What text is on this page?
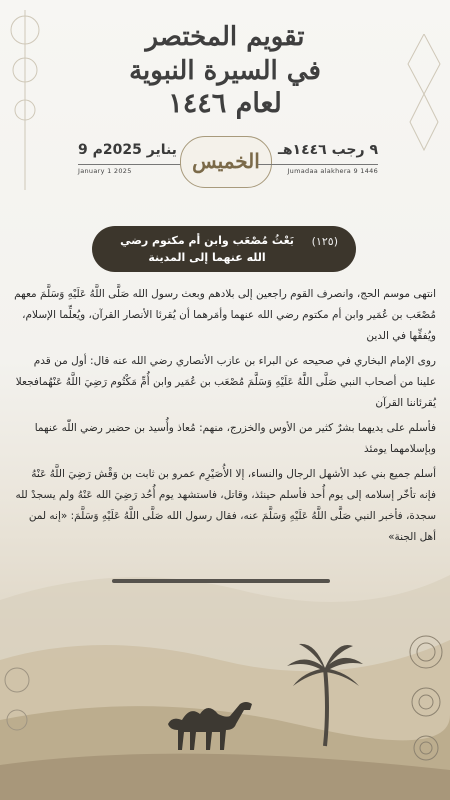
تقويم المختصر
في السيرة النبوية
لعام ١٤٤٦
9 يناير 2025م
January 1 2025	الخميس	٩ رجب ١٤٤٦هـ
Jumadaa alakhera 9 1446
(١٢٥)
بَعْثُ مُصْعَب وابن أم مكتوم رضي الله عنهما إلى المدينة

انتهى موسم الحج، وانصرف القوم راجعين إلى بلادهم وبعث رسول الله صَلَّى اللَّهُ عَلَيْهِ وَسَلَّمَ معهم مُصْعَب بن عُمَير وابن أم مكتوم رضي الله عنهما وأمَرهما أن يُقرئا الأنصار القرآن، ويُعلِّما الإسلام، ويُفقِّها في الدين

روى الإمام البخاري في صحيحه عن البراء بن عازب الأنصاري رضي الله عنه قال: أول من قدم علينا من أصحاب النبي صَلَّى اللَّهُ عَلَيْهِ وَسَلَّمَ مُصْعَب بن عُمَير وابن أُمِّ مَكْتُوم رَضِيَ اللَّهُ عَنْهُمافجعلا يُقرئاننا القرآن

فأسلم على يديهما بشرٌ كثير من الأوس والخزرج، منهم: مُعاذ وأُسيد بن حضير رضي اللّٰه عنهما وبإسلامهما يومئذ

أسلم جميع بني عبد الأشهل الرجال والنساء، إلا الأُصَيْرِم عمرو بن ثابت بن وَقْش رَضِيَ اللَّهُ عَنْهُ فإنه تأخّر إسلامه إلى يوم أُحد فأسلم حينئذ، وقاتل، فاستشهد يوم أُحُد رَضِيَ الله عَنْهُ ولم يسجدْ لله سجدة، فأخبر النبي صَلَّى اللَّهُ عَلَيْهِ وَسَلَّمَ عنه، فقال رسول الله صَلَّى اللَّهُ عَلَيْهِ وَسَلَّمَ: «إنه لمن أهل الجنة»
